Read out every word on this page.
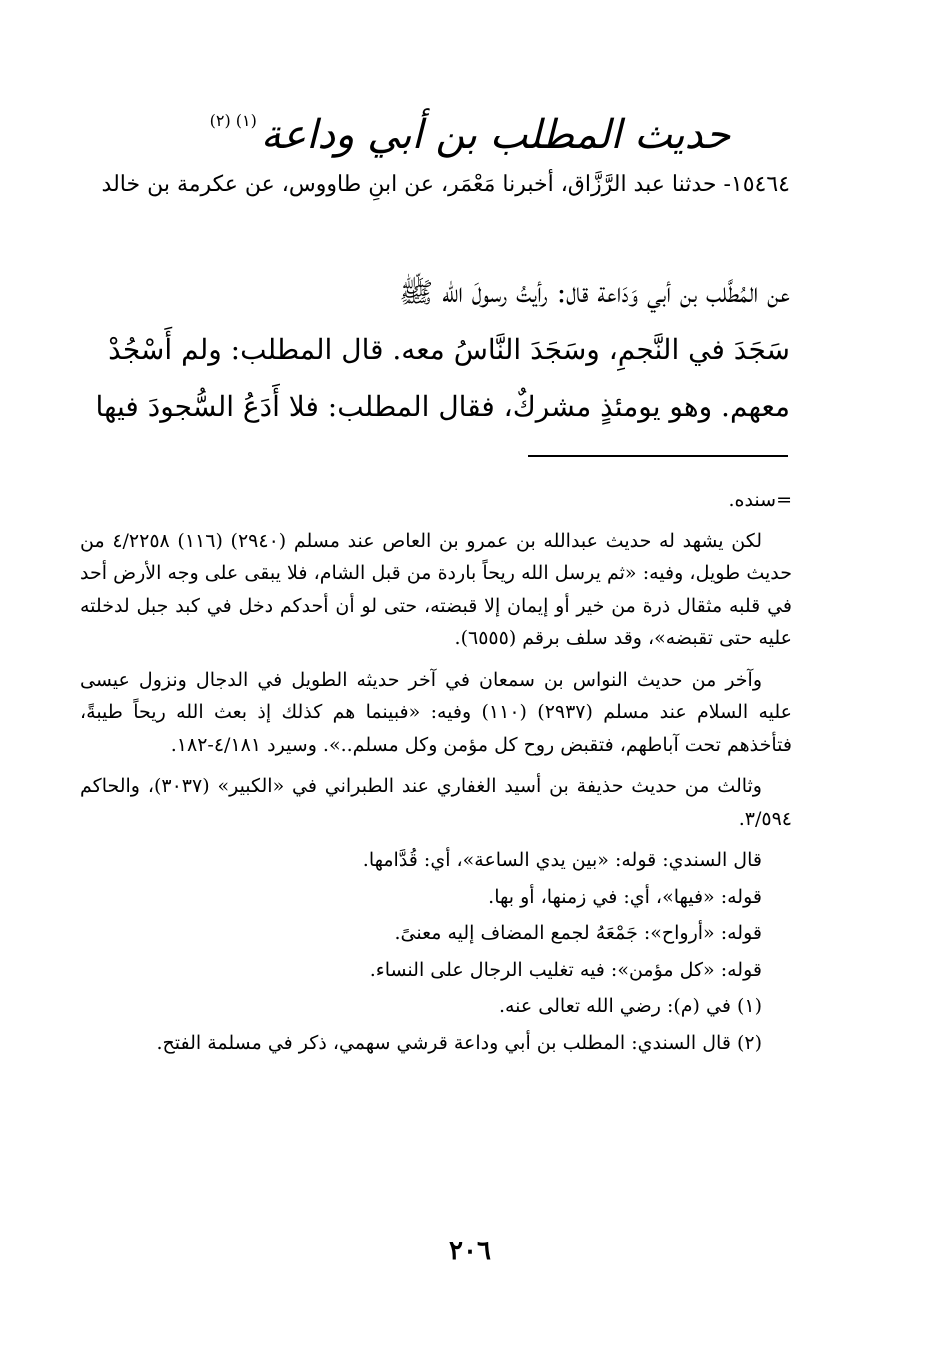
حديث المطلب بن أبي وداعة$^{(١) (٢)}$
١٥٤٦٤- حدثنا عبد الرَّزَّاق، أخبرنا مَعْمَر، عن ابنِ طاووس، عن عكرمة بن خالد
عن المُطَّلب بن أبي وَدَاعة قال: رأيتُ رسولَ الله ﷺ
سَجَدَ في النَّجمِ، وسَجَدَ النَّاسُ معه. قال المطلب: ولم أَسْجُدْ
معهم. وهو يومئذٍ مشركٌ، فقال المطلب: فلا أَدَعُ السُّجودَ فيها

=سنده.

لكن يشهد له حديث عبدالله بن عمرو بن العاص عند مسلم (٢٩٤٠) (١١٦) ٤/٢٢٥٨ من حديث طويل، وفيه: «ثم يرسل الله ريحاً باردة من قبل الشام، فلا يبقى على وجه الأرض أحد في قلبه مثقال ذرة من خير أو إيمان إلا قبضته، حتى لو أن أحدكم دخل في كبد جبل لدخلته عليه حتى تقبضه»، وقد سلف برقم (٦٥٥٥).

وآخر من حديث النواس بن سمعان في آخر حديثه الطويل في الدجال ونزول عيسى عليه السلام عند مسلم (٢٩٣٧) (١١٠) وفيه: «فبينما هم كذلك إذ بعث الله ريحاً طيبةً، فتأخذهم تحت آباطهم، فتقبض روح كل مؤمن وكل مسلم..». وسيرد ٤/١٨١-١٨٢.

وثالث من حديث حذيفة بن أسيد الغفاري عند الطبراني في «الكبير» (٣٠٣٧)، والحاكم ٣/٥٩٤.

قال السندي: قوله: «بين يدي الساعة»، أي: قُدَّامها.

قوله: «فيها»، أي: في زمنها، أو بها.

قوله: «أرواح»: جَمْعَهُ لجمع المضاف إليه معنىً.

قوله: «كل مؤمن»: فيه تغليب الرجال على النساء.

(١) في (م): رضي الله تعالى عنه.

(٢) قال السندي: المطلب بن أبي وداعة قرشي سهمي، ذكر في مسلمة الفتح.

٢٠٦
